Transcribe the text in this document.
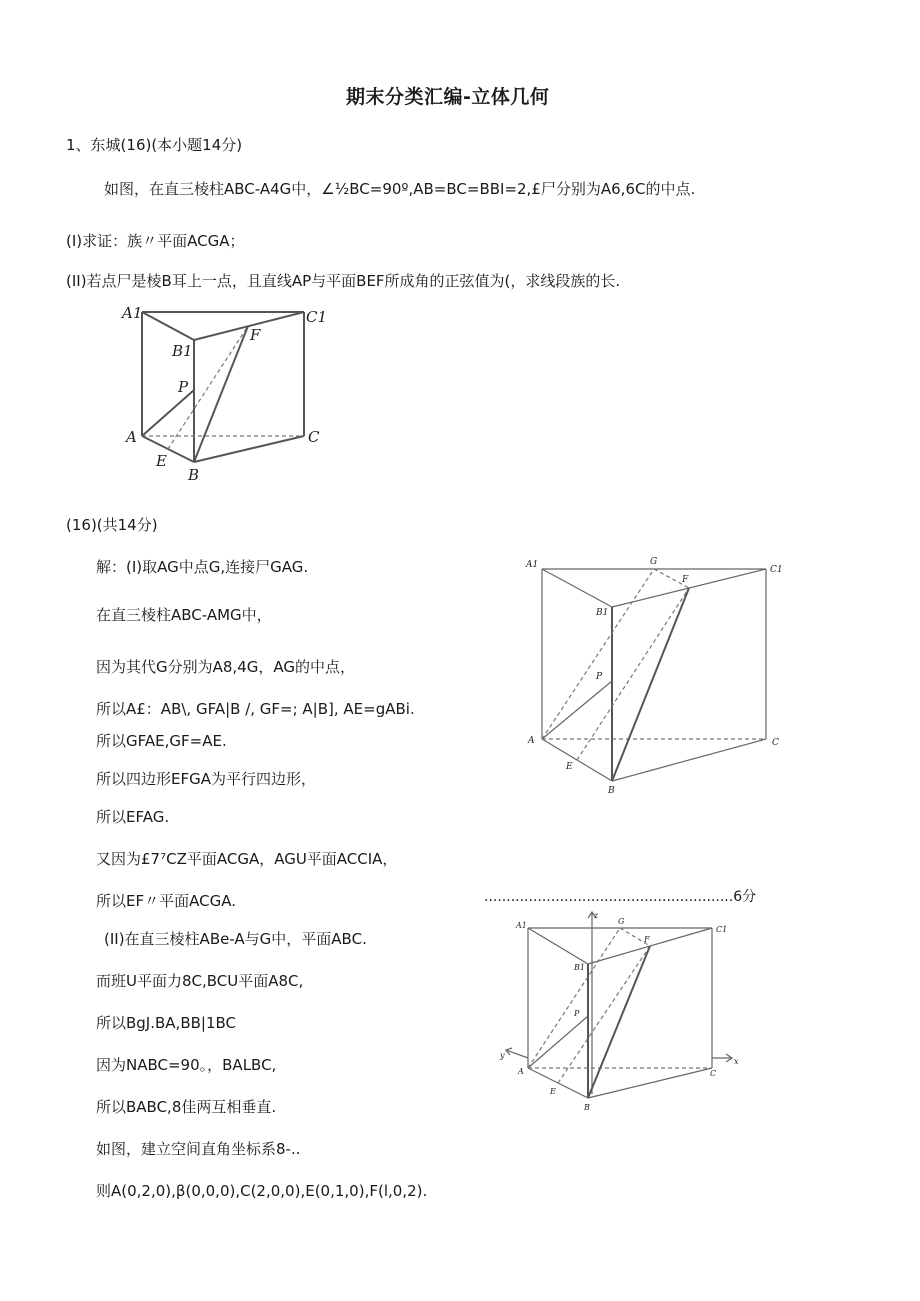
期末分类汇编-立体几何
1、东城(16)(本小题14分)
如图，在直三棱柱ABC-A4G中，∠½BC=90º,AB=BC=BBI=2,£尸分别为A6,6C的中点.
(I)求证：族〃平面ACGA；
(II)若点尸是棱B耳上一点，且直线AP与平面BEF所成角的正弦值为(，求线段族的长.
A1	C1
B1
F
P
A	C
E
B
(16)(共14分)
解：(I)取AG中点G,连接尸GAG.
在直三棱柱ABC-AMG中，
因为其代G分别为A8,4G，AG的中点，
所以A£：AB\, GFA|B /, GF=; A|B], AE=gABi.
所以GFAE,GF=AE.
所以四边形EFGA为平行四边形，
所以EFAG.
又因为£7⁷CZ平面ACGA，AGU平面ACCIA，
所以EF〃平面ACGA.
(II)在直三棱柱ABe-A与G中，平面ABC.
而班U平面力8C,BCU平面A8C,
所以BgJ.BA,BB|1BC
因为NABC=90。，BALBC,
所以BABC,8佳两互相垂直.
如图，建立空间直角坐标系8-..
则A(0,2,0),β(0,0,0),C(2,0,0),E(0,1,0),F(l,0,2).
........................................................6分
A1	G
F
C1
B1
P
A	C
E
B
z
A1	G
F
C1
B1
P
y
A
E
C
x
B
